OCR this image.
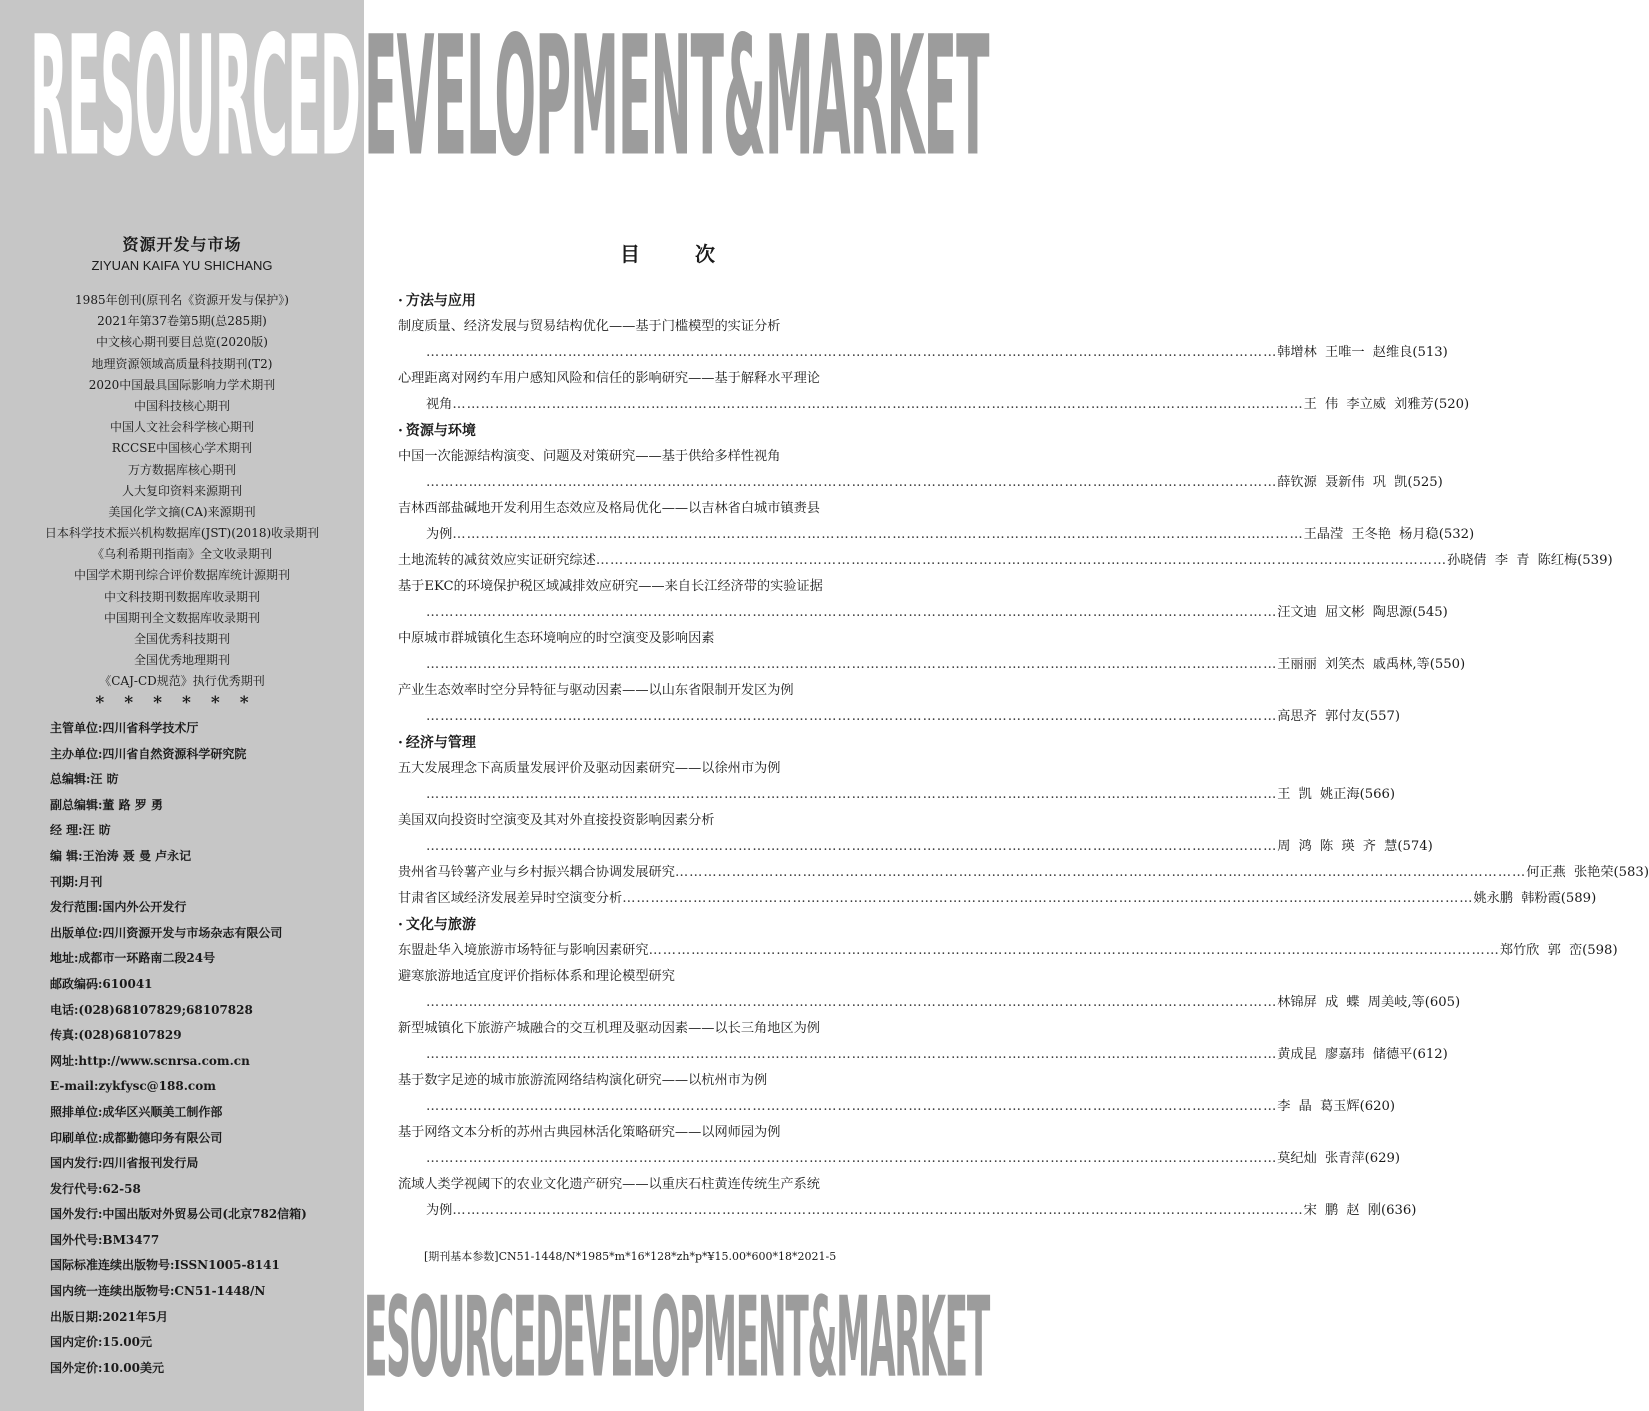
RESOURCED EVELOPMENT&MARKET
资源开发与市场
ZIYUAN KAIFA YU SHICHANG
1985年创刊(原刊名《资源开发与保护》)
2021年第37卷第5期(总285期)
中文核心期刊要目总览(2020版)
地理资源领域高质量科技期刊(T2)
2020中国最具国际影响力学术期刊
中国科技核心期刊
中国人文社会科学核心期刊
RCCSE中国核心学术期刊
万方数据库核心期刊
人大复印资料来源期刊
美国化学文摘(CA)来源期刊
日本科学技术振兴机构数据库(JST)(2018)收录期刊
《乌利希期刊指南》全文收录期刊
中国学术期刊综合评价数据库统计源期刊
中文科技期刊数据库收录期刊
中国期刊全文数据库收录期刊
全国优秀科技期刊
全国优秀地理期刊
《CAJ-CD规范》执行优秀期刊
******
主管单位:四川省科学技术厅
主办单位:四川省自然资源科学研究院
总编辑:汪 昉
副总编辑:董 路 罗 勇
经 理:汪 昉
编 辑:王治涛 聂 曼 卢永记
刊期:月刊
发行范围:国内外公开发行
出版单位:四川资源开发与市场杂志有限公司
地址:成都市一环路南二段24号
邮政编码:610041
电话:(028)68107829;68107828
传真:(028)68107829
网址:http://www.scnrsa.com.cn
E-mail:zykfysc@188.com
照排单位:成华区兴顺美工制作部
印刷单位:成都勤德印务有限公司
国内发行:四川省报刊发行局
发行代号:62-58
国外发行:中国出版对外贸易公司(北京782信箱)
国外代号:BM3477
国际标准连续出版物号:ISSN1005-8141
国内统一连续出版物号:CN51-1448/N
出版日期:2021年5月
国内定价:15.00元
国外定价:10.00美元
目 次
· 方法与应用
制度质量、经济发展与贸易结构优化——基于门槛模型的实证分析
……………………………………………………………………………………………………………………………………………………………… 韩增林 王唯一 赵维良(513)
心理距离对网约车用户感知风险和信任的影响研究——基于解释水平理论
视角 ……………………………………………………………………………………………………………………………………………………………… 王 伟 李立威 刘雅芳(520)
· 资源与环境
中国一次能源结构演变、问题及对策研究——基于供给多样性视角
……………………………………………………………………………………………………………………………………………………………… 薛钦源 聂新伟 巩 凯(525)
吉林西部盐碱地开发利用生态效应及格局优化——以吉林省白城市镇赉县
为例 ……………………………………………………………………………………………………………………………………………………………… 王晶滢 王冬艳 杨月稳(532)
土地流转的减贫效应实证研究综述 ……………………………………………………………………………………………………………………………………………………………… 孙晓倩 李 青 陈红梅(539)
基于EKC的环境保护税区域减排效应研究——来自长江经济带的实验证据
……………………………………………………………………………………………………………………………………………………………… 汪文迪 屈文彬 陶思源(545)
中原城市群城镇化生态环境响应的时空演变及影响因素
……………………………………………………………………………………………………………………………………………………………… 王丽丽 刘笑杰 戚禹林,等(550)
产业生态效率时空分异特征与驱动因素——以山东省限制开发区为例
……………………………………………………………………………………………………………………………………………………………… 高思齐 郭付友(557)
· 经济与管理
五大发展理念下高质量发展评价及驱动因素研究——以徐州市为例
……………………………………………………………………………………………………………………………………………………………… 王 凯 姚正海(566)
美国双向投资时空演变及其对外直接投资影响因素分析
……………………………………………………………………………………………………………………………………………………………… 周 鸿 陈 瑛 齐 慧(574)
贵州省马铃薯产业与乡村振兴耦合协调发展研究 ……………………………………………………………………………………………………………………………………………………………… 何正燕 张艳荣(583)
甘肃省区域经济发展差异时空演变分析 ……………………………………………………………………………………………………………………………………………………………… 姚永鹏 韩粉霞(589)
· 文化与旅游
东盟赴华入境旅游市场特征与影响因素研究 ……………………………………………………………………………………………………………………………………………………………… 郑竹欣 郭 峦(598)
避寒旅游地适宜度评价指标体系和理论模型研究
……………………………………………………………………………………………………………………………………………………………… 林锦屏 成 蝶 周美岐,等(605)
新型城镇化下旅游产城融合的交互机理及驱动因素——以长三角地区为例
……………………………………………………………………………………………………………………………………………………………… 黄成昆 廖嘉玮 储德平(612)
基于数字足迹的城市旅游流网络结构演化研究——以杭州市为例
……………………………………………………………………………………………………………………………………………………………… 李 晶 葛玉辉(620)
基于网络文本分析的苏州古典园林活化策略研究——以网师园为例
……………………………………………………………………………………………………………………………………………………………… 莫纪灿 张青萍(629)
流域人类学视阈下的农业文化遗产研究——以重庆石柱黄连传统生产系统
为例 ……………………………………………………………………………………………………………………………………………………………… 宋 鹏 赵 刚(636)
[期刊基本参数]CN51-1448/N*1985*m*16*128*zh*p*¥15.00*600*18*2021-5
ESOURCEDEVELOPMENT&MARKET
